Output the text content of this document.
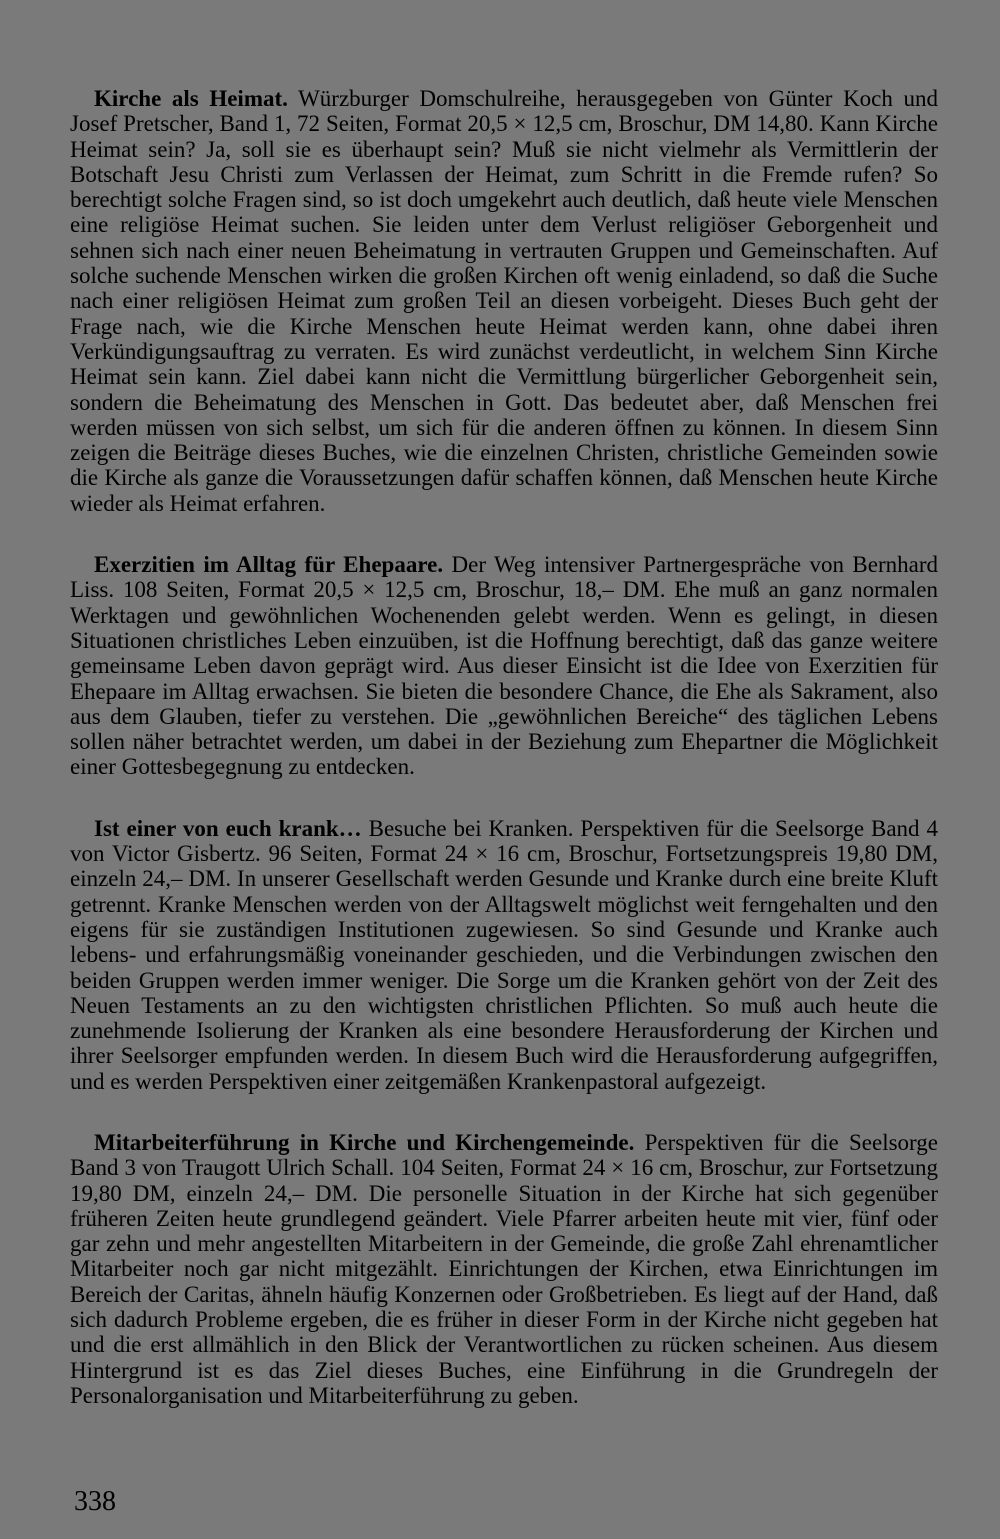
Kirche als Heimat. Würzburger Domschulreihe, herausgegeben von Günter Koch und Josef Pretscher, Band 1, 72 Seiten, Format 20,5 × 12,5 cm, Broschur, DM 14,80. Kann Kirche Heimat sein? Ja, soll sie es überhaupt sein? Muß sie nicht vielmehr als Vermittlerin der Botschaft Jesu Christi zum Verlassen der Heimat, zum Schritt in die Fremde rufen? So berechtigt solche Fragen sind, so ist doch umgekehrt auch deutlich, daß heute viele Menschen eine religiöse Heimat suchen. Sie leiden unter dem Verlust religiöser Geborgenheit und sehnen sich nach einer neuen Beheimatung in vertrauten Gruppen und Gemeinschaften. Auf solche suchende Menschen wirken die großen Kirchen oft wenig einladend, so daß die Suche nach einer religiösen Heimat zum großen Teil an diesen vorbeigeht. Dieses Buch geht der Frage nach, wie die Kirche Menschen heute Heimat werden kann, ohne dabei ihren Verkündigungsauftrag zu verraten. Es wird zunächst verdeutlicht, in welchem Sinn Kirche Heimat sein kann. Ziel dabei kann nicht die Vermittlung bürgerlicher Geborgenheit sein, sondern die Beheimatung des Menschen in Gott. Das bedeutet aber, daß Menschen frei werden müssen von sich selbst, um sich für die anderen öffnen zu können. In diesem Sinn zeigen die Beiträge dieses Buches, wie die einzelnen Christen, christliche Gemeinden sowie die Kirche als ganze die Voraussetzungen dafür schaffen können, daß Menschen heute Kirche wieder als Heimat erfahren.

Exerzitien im Alltag für Ehepaare. Der Weg intensiver Partnergespräche von Bernhard Liss. 108 Seiten, Format 20,5 × 12,5 cm, Broschur, 18,– DM. Ehe muß an ganz normalen Werktagen und gewöhnlichen Wochenenden gelebt werden. Wenn es gelingt, in diesen Situationen christliches Leben einzuüben, ist die Hoffnung berechtigt, daß das ganze weitere gemeinsame Leben davon geprägt wird. Aus dieser Einsicht ist die Idee von Exerzitien für Ehepaare im Alltag erwachsen. Sie bieten die besondere Chance, die Ehe als Sakrament, also aus dem Glauben, tiefer zu verstehen. Die „gewöhnlichen Bereiche“ des täglichen Lebens sollen näher betrachtet werden, um dabei in der Beziehung zum Ehepartner die Möglichkeit einer Gottesbegegnung zu entdecken.

Ist einer von euch krank… Besuche bei Kranken. Perspektiven für die Seelsorge Band 4 von Victor Gisbertz. 96 Seiten, Format 24 × 16 cm, Broschur, Fortsetzungspreis 19,80 DM, einzeln 24,– DM. In unserer Gesellschaft werden Gesunde und Kranke durch eine breite Kluft getrennt. Kranke Menschen werden von der Alltagswelt möglichst weit ferngehalten und den eigens für sie zuständigen Institutionen zugewiesen. So sind Gesunde und Kranke auch lebens- und erfahrungsmäßig voneinander geschieden, und die Verbindungen zwischen den beiden Gruppen werden immer weniger. Die Sorge um die Kranken gehört von der Zeit des Neuen Testaments an zu den wichtigsten christlichen Pflichten. So muß auch heute die zunehmende Isolierung der Kranken als eine besondere Herausforderung der Kirchen und ihrer Seelsorger empfunden werden. In diesem Buch wird die Herausforderung aufgegriffen, und es werden Perspektiven einer zeitgemäßen Krankenpastoral aufgezeigt.

Mitarbeiterführung in Kirche und Kirchengemeinde. Perspektiven für die Seelsorge Band 3 von Traugott Ulrich Schall. 104 Seiten, Format 24 × 16 cm, Broschur, zur Fortsetzung 19,80 DM, einzeln 24,– DM. Die personelle Situation in der Kirche hat sich gegenüber früheren Zeiten heute grundlegend geändert. Viele Pfarrer arbeiten heute mit vier, fünf oder gar zehn und mehr angestellten Mitarbeitern in der Gemeinde, die große Zahl ehrenamtlicher Mitarbeiter noch gar nicht mitgezählt. Einrichtungen der Kirchen, etwa Einrichtungen im Bereich der Caritas, ähneln häufig Konzernen oder Großbetrieben. Es liegt auf der Hand, daß sich dadurch Probleme ergeben, die es früher in dieser Form in der Kirche nicht gegeben hat und die erst allmählich in den Blick der Verantwortlichen zu rücken scheinen. Aus diesem Hintergrund ist es das Ziel dieses Buches, eine Einführung in die Grundregeln der Personalorganisation und Mitarbeiterführung zu geben.

338
